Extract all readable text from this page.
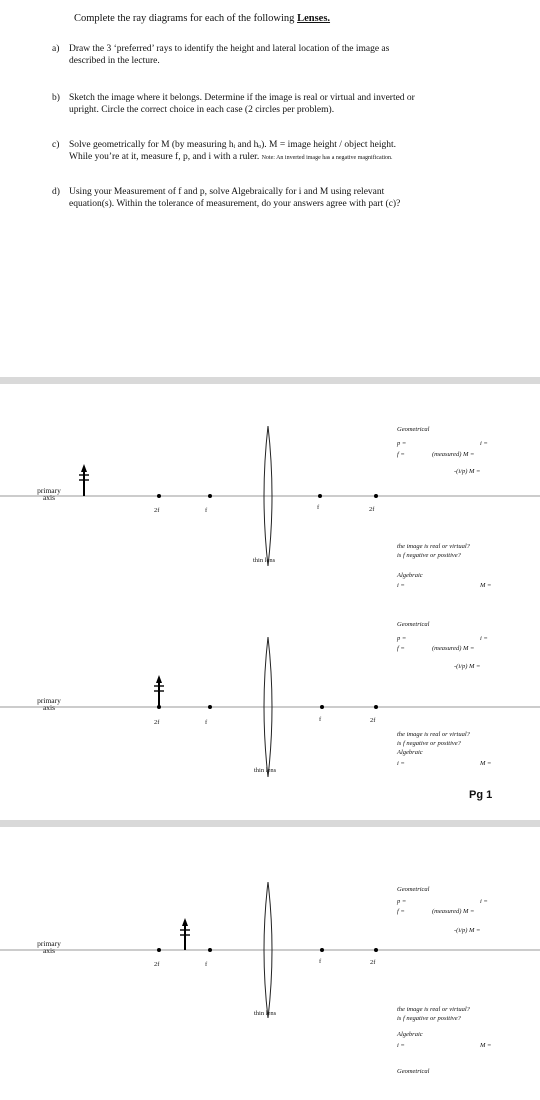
Complete the ray diagrams for each of the following Lenses.
a) Draw the 3 ‘preferred’ rays to identify the height and lateral location of the image as
described in the lecture.
b) Sketch the image where it belongs. Determine if the image is real or virtual and inverted or
upright. Circle the correct choice in each case (2 circles per problem).
c) Solve geometrically for M (by measuring hᵢ and hₒ). M = image height / object height.
While you’re at it, measure f, p, and i with a ruler. Note: An inverted image has a negative magnification.
d) Using your Measurement of f and p, solve Algebraically for i and M using relevant
equation(s). Within the tolerance of measurement, do your answers agree with part (c)?
primary
axis
2f	f	f	2f
thin lens
Geometrical
p =	i =
f =	(measured) M =
-(i/p) M =
the image is real or virtual?
is f negative or positive?
Algebraic
i =	M =
primary
axis
2f	f	f	2f
thin lens
Geometrical
p =	i =
f =	(measured) M =
-(i/p) M =
the image is real or virtual?
is f negative or positive?
Algebraic
i =	M =
Pg 1
primary
axis
2f	f	f	2f
thin lens
Geometrical
p =	i =
f =	(measured) M =
-(i/p) M =
the image is real or virtual?
is f negative or positive?
Algebraic
i =	M =
Geometrical
